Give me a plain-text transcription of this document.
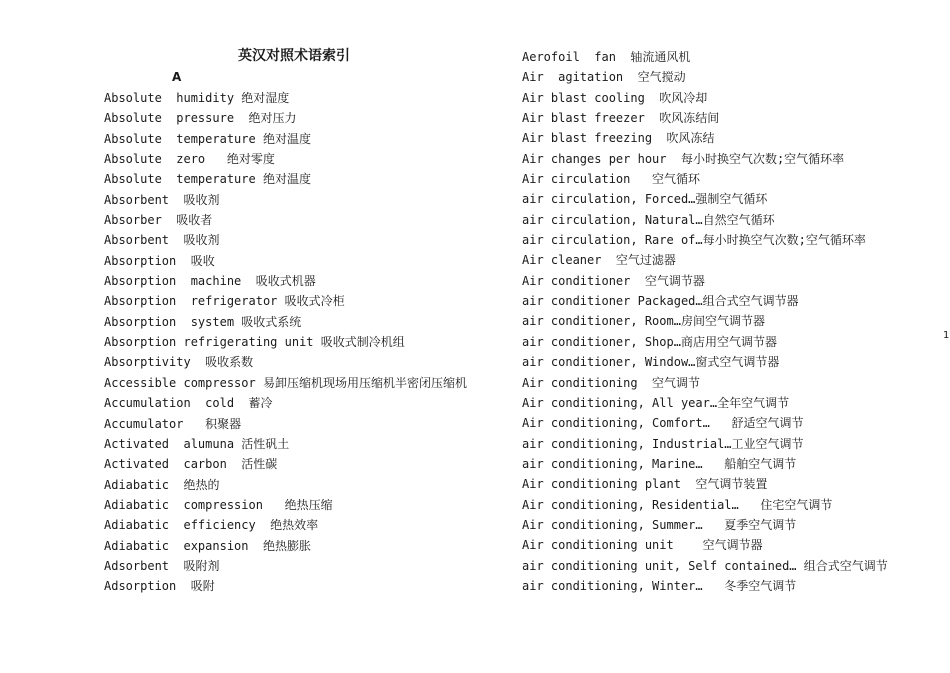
英汉对照术语索引
A
Absolute  humidity 绝对湿度
Absolute  pressure  绝对压力
Absolute  temperature 绝对温度
Absolute  zero   绝对零度
Absolute  temperature 绝对温度
Absorbent  吸收剂
Absorber  吸收者
Absorbent  吸收剂
Absorption  吸收
Absorption  machine  吸收式机器
Absorption  refrigerator 吸收式冷柜
Absorption  system 吸收式系统
Absorption refrigerating unit 吸收式制冷机组
Absorptivity  吸收系数
Accessible compressor 易卸压缩机现场用压缩机半密闭压缩机
Accumulation  cold  蓄冷
Accumulator   积聚器
Activated  alumuna 活性矾土
Activated  carbon  活性碳
Adiabatic  绝热的
Adiabatic  compression   绝热压缩
Adiabatic  efficiency  绝热效率
Adiabatic  expansion  绝热膨胀
Adsorbent  吸附剂
Adsorption  吸附
Aerofoil  fan  轴流通风机
Air  agitation  空气搅动
Air blast cooling  吹风冷却
Air blast freezer  吹风冻结间
Air blast freezing  吹风冻结
Air changes per hour  每小时换空气次数;空气循环率
Air circulation   空气循环
air circulation, Forced…强制空气循环
air circulation, Natural…自然空气循环
air circulation, Rare of…每小时换空气次数;空气循环率
Air cleaner  空气过滤器
Air conditioner  空气调节器
air conditioner Packaged…组合式空气调节器
air conditioner, Room…房间空气调节器
air conditioner, Shop…商店用空气调节器
air conditioner, Window…窗式空气调节器
Air conditioning  空气调节
Air conditioning, All year…全年空气调节
Air conditioning, Comfort…   舒适空气调节
air conditioning, Industrial…工业空气调节
air conditioning, Marine…   船舶空气调节
Air conditioning plant  空气调节装置
Air conditioning, Residential…   住宅空气调节
Air conditioning, Summer…   夏季空气调节
Air conditioning unit    空气调节器
air conditioning unit, Self contained… 组合式空气调节
air conditioning, Winter…   冬季空气调节
1
